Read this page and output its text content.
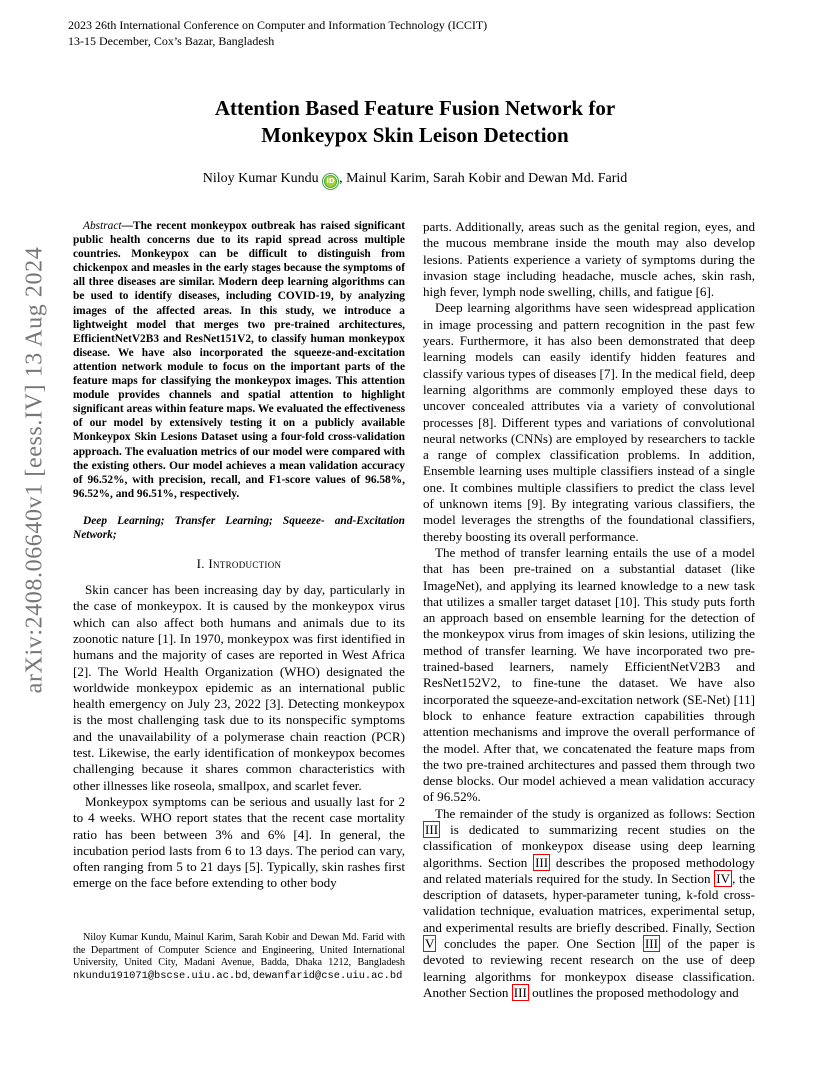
2023 26th International Conference on Computer and Information Technology (ICCIT)
13-15 December, Cox’s Bazar, Bangladesh
arXiv:2408.06640v1 [eess.IV] 13 Aug 2024
Attention Based Feature Fusion Network for
Monkeypox Skin Leison Detection
Niloy Kumar Kundu iD , Mainul Karim, Sarah Kobir and Dewan Md. Farid

Abstract—The recent monkeypox outbreak has raised significant public health concerns due to its rapid spread across multiple countries. Monkeypox can be difficult to distinguish from chickenpox and measles in the early stages because the symptoms of all three diseases are similar. Modern deep learning algorithms can be used to identify diseases, including COVID-19, by analyzing images of the affected areas. In this study, we introduce a lightweight model that merges two pre-trained architectures, EfficientNetV2B3 and ResNet151V2, to classify human monkeypox disease. We have also incorporated the squeeze-and-excitation attention network module to focus on the important parts of the feature maps for classifying the monkeypox images. This attention module provides channels and spatial attention to highlight significant areas within feature maps. We evaluated the effectiveness of our model by extensively testing it on a publicly available Monkeypox Skin Lesions Dataset using a four-fold cross-validation approach. The evaluation metrics of our model were compared with the existing others. Our model achieves a mean validation accuracy of 96.52%, with precision, recall, and F1-score values of 96.58%, 96.52%, and 96.51%, respectively.

Deep Learning; Transfer Learning; Squeeze- and-Excitation Network;

I. Introduction

Skin cancer has been increasing day by day, particularly in the case of monkeypox. It is caused by the monkeypox virus which can also affect both humans and animals due to its zoonotic nature [1]. In 1970, monkeypox was first identified in humans and the majority of cases are reported in West Africa [2]. The World Health Organization (WHO) designated the worldwide monkeypox epidemic as an international public health emergency on July 23, 2022 [3]. Detecting monkeypox is the most challenging task due to its nonspecific symptoms and the unavailability of a polymerase chain reaction (PCR) test. Likewise, the early identification of monkeypox becomes challenging because it shares common characteristics with other illnesses like roseola, smallpox, and scarlet fever.

Monkeypox symptoms can be serious and usually last for 2 to 4 weeks. WHO report states that the recent case mortality ratio has been between 3% and 6% [4]. In general, the incubation period lasts from 6 to 13 days. The period can vary, often ranging from 5 to 21 days [5]. Typically, skin rashes first emerge on the face before extending to other body

parts. Additionally, areas such as the genital region, eyes, and the mucous membrane inside the mouth may also develop lesions. Patients experience a variety of symptoms during the invasion stage including headache, muscle aches, skin rash, high fever, lymph node swelling, chills, and fatigue [6].

Deep learning algorithms have seen widespread application in image processing and pattern recognition in the past few years. Furthermore, it has also been demonstrated that deep learning models can easily identify hidden features and classify various types of diseases [7]. In the medical field, deep learning algorithms are commonly employed these days to uncover concealed attributes via a variety of convolutional processes [8]. Different types and variations of convolutional neural networks (CNNs) are employed by researchers to tackle a range of complex classification problems. In addition, Ensemble learning uses multiple classifiers instead of a single one. It combines multiple classifiers to predict the class level of unknown items [9]. By integrating various classifiers, the model leverages the strengths of the foundational classifiers, thereby boosting its overall performance.

The method of transfer learning entails the use of a model that has been pre-trained on a substantial dataset (like ImageNet), and applying its learned knowledge to a new task that utilizes a smaller target dataset [10]. This study puts forth an approach based on ensemble learning for the detection of the monkeypox virus from images of skin lesions, utilizing the method of transfer learning. We have incorporated two pre-trained-based learners, namely EfficientNetV2B3 and ResNet152V2, to fine-tune the dataset. We have also incorporated the squeeze-and-excitation network (SE-Net) [11] block to enhance feature extraction capabilities through attention mechanisms and improve the overall performance of the model. After that, we concatenated the feature maps from the two pre-trained architectures and passed them through two dense blocks. Our model achieved a mean validation accuracy of 96.52%.

The remainder of the study is organized as follows: Section III is dedicated to summarizing recent studies on the classification of monkeypox disease using deep learning algorithms. Section III describes the proposed methodology and related materials required for the study. In Section IV , the description of datasets, hyper-parameter tuning, k-fold cross-validation technique, evaluation matrices, experimental setup, and experimental results are briefly described. Finally, Section V concludes the paper. One Section III of the paper is devoted to reviewing recent research on the use of deep learning algorithms for monkeypox disease classification. Another Section III outlines the proposed methodology and

Niloy Kumar Kundu, Mainul Karim, Sarah Kobir and Dewan Md. Farid with the Department of Computer Science and Engineering, United International University, United City, Madani Avenue, Badda, Dhaka 1212, Bangladesh nkundu191071@bscse.uiu.ac.bd, dewanfarid@cse.uiu.ac.bd
